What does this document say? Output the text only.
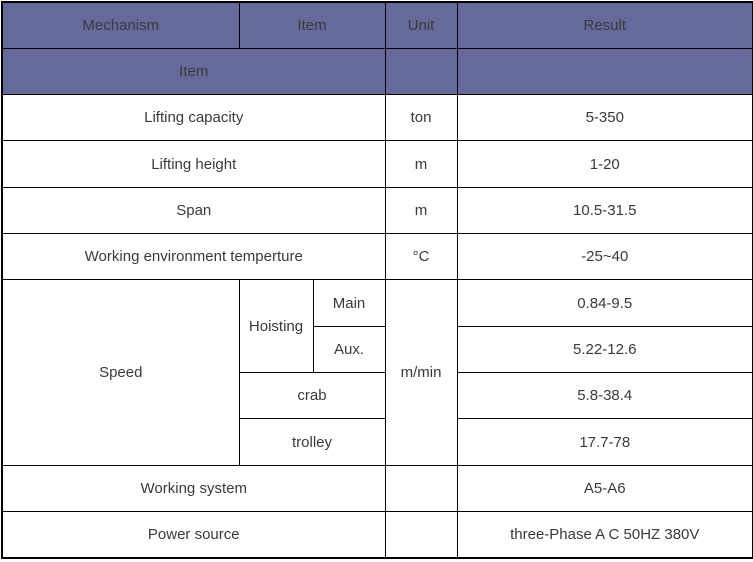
Mechanism	Item		Unit	Result
Item				
Lifting capacity			ton	5-350
Lifting height			m	1-20
Span			m	10.5-31.5
Working environment temperture			°C	-25~40
Speed	Hoisting	Main	m/min	0.84-9.5
		Aux.		5.22-12.6
	crab			5.8-38.4
	trolley			17.7-78
Working system				A5-A6
Power source				three-Phase A C 50HZ 380V
